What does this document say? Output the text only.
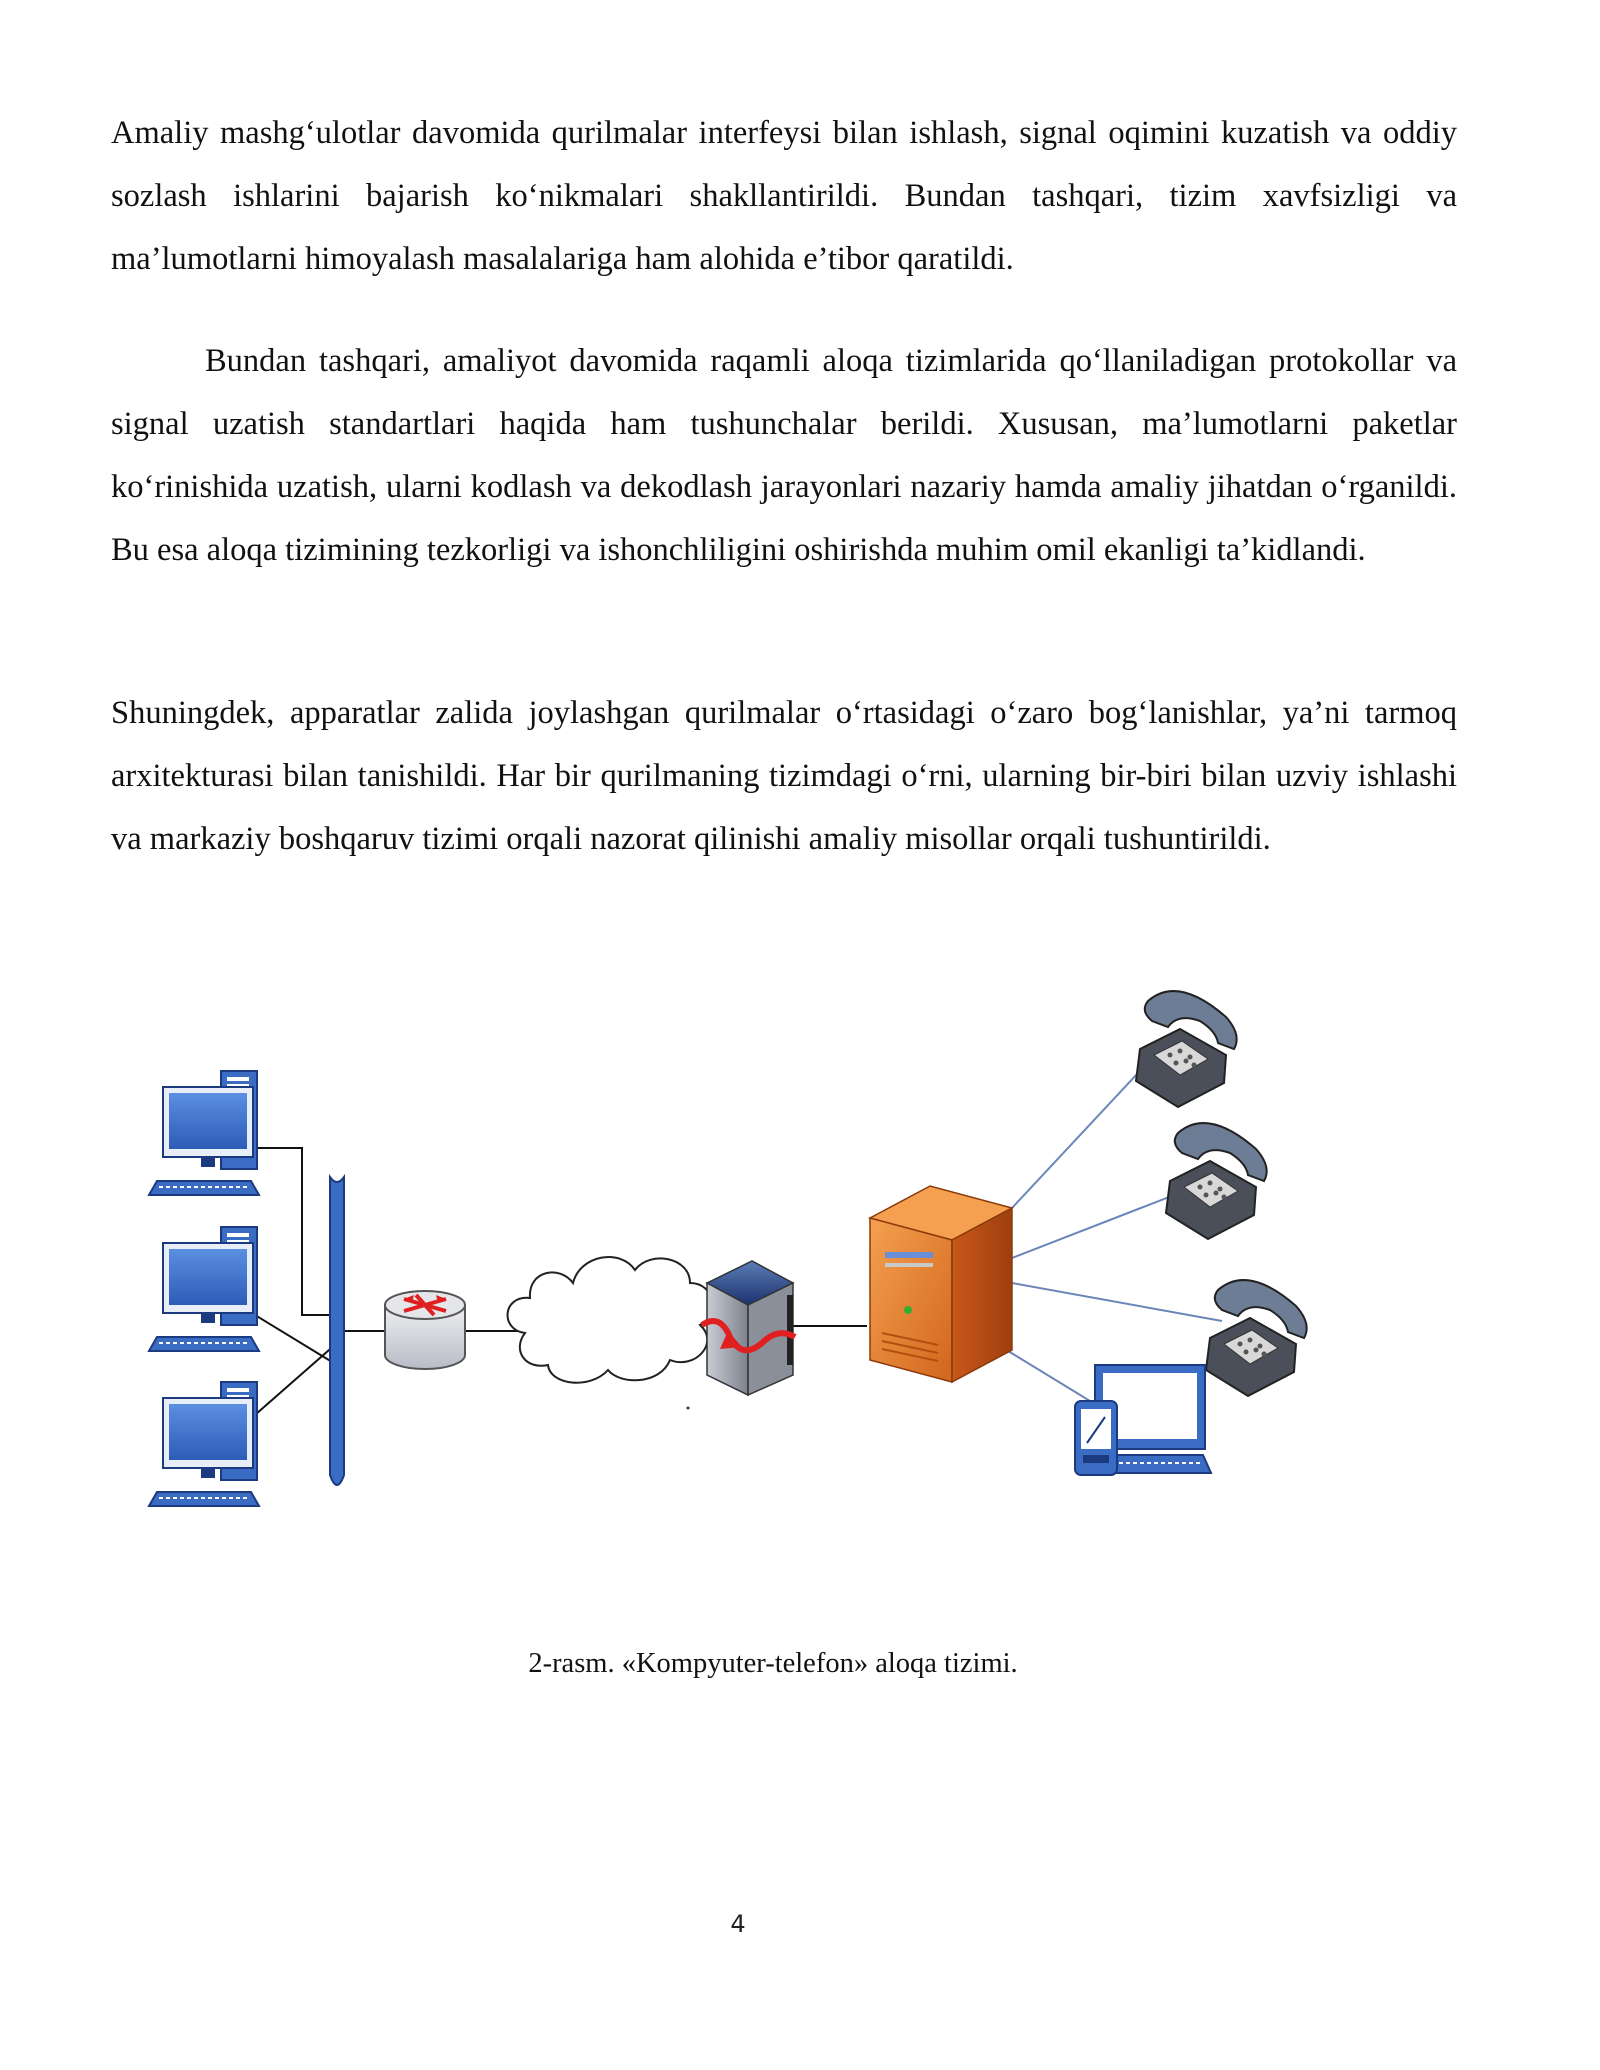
Amaliy mashg‘ulotlar davomida qurilmalar interfeysi bilan ishlash, signal oqimini kuzatish va oddiy sozlash ishlarini bajarish ko‘nikmalari shakllantirildi. Bundan tashqari, tizim xavfsizligi va ma’lumotlarni himoyalash masalalariga ham alohida e’tibor qaratildi.

Bundan tashqari, amaliyot davomida raqamli aloqa tizimlarida qo‘llaniladigan protokollar va signal uzatish standartlari haqida ham tushunchalar berildi. Xususan, ma’lumotlarni paketlar ko‘rinishida uzatish, ularni kodlash va dekodlash jarayonlari nazariy hamda amaliy jihatdan o‘rganildi. Bu esa aloqa tizimining tezkorligi va ishonchliligini oshirishda muhim omil ekanligi ta’kidlandi.

Shuningdek, apparatlar zalida joylashgan qurilmalar o‘rtasidagi o‘zaro bog‘lanishlar, ya’ni tarmoq arxitekturasi bilan tanishildi. Har bir qurilmaning tizimdagi o‘rni, ularning bir-biri bilan uzviy ishlashi va markaziy boshqaruv tizimi orqali nazorat qilinishi amaliy misollar orqali tushuntirildi.

2-rasm. «Kompyuter-telefon» aloqa tizimi.
4
